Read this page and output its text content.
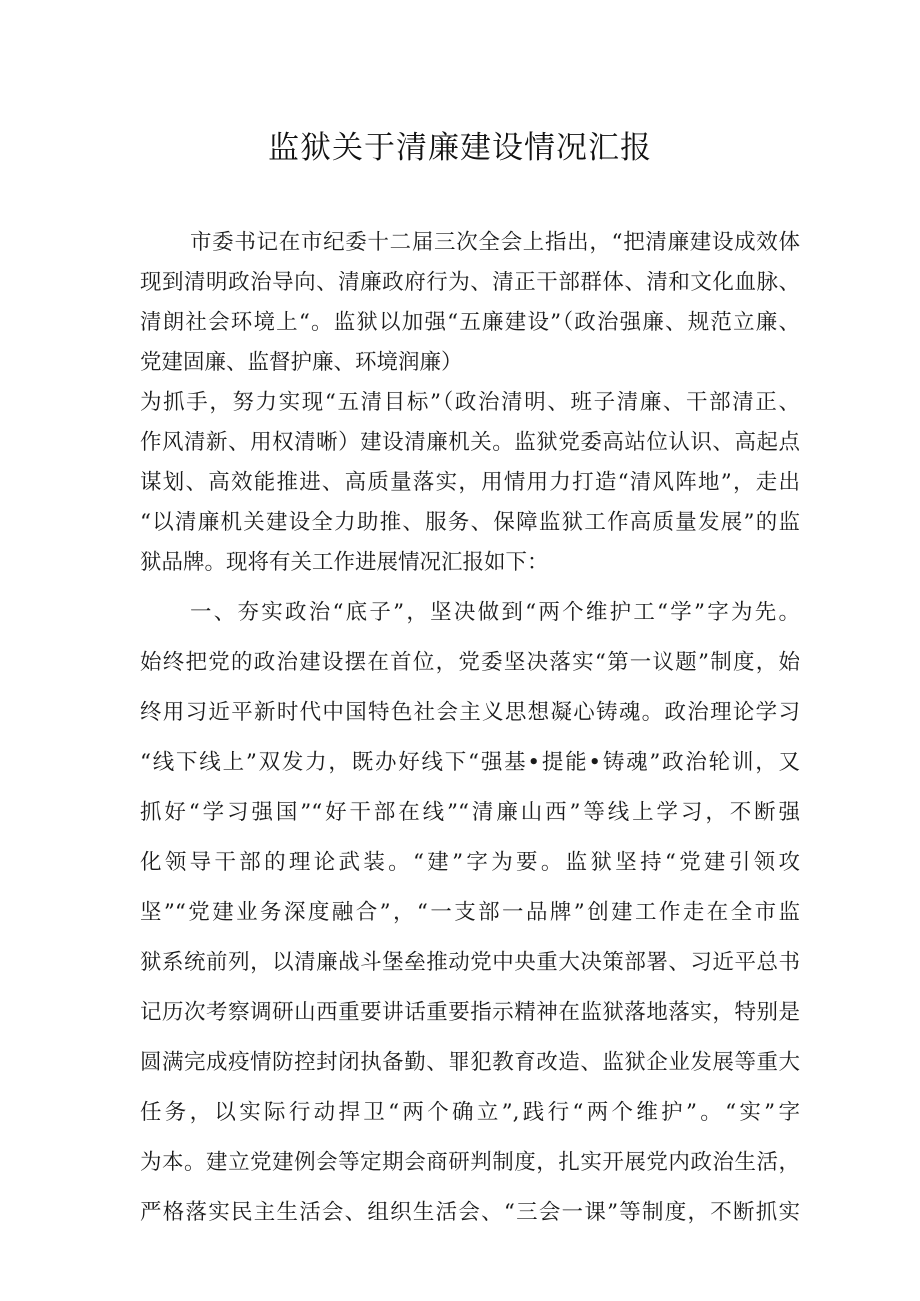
监狱关于清廉建设情况汇报
市委书记在市纪委十二届三次全会上指出，“把清廉建设成效体
现到清明政治导向、清廉政府行为、清正干部群体、清和文化血脉、
清朗社会环境上“。监狱以加强“五廉建设”（政治强廉、规范立廉、
党建固廉、监督护廉、环境润廉）
为抓手，努力实现“五清目标”（政治清明、班子清廉、干部清正、
作风清新、用权清晰）建设清廉机关。监狱党委高站位认识、高起点
谋划、高效能推进、高质量落实，用情用力打造“清风阵地”，走出
“以清廉机关建设全力助推、服务、保障监狱工作高质量发展”的监
狱品牌。现将有关工作进展情况汇报如下：
一、夯实政治“底子”，坚决做到“两个维护工“学”字为先。
始终把党的政治建设摆在首位，党委坚决落实“第一议题”制度，始
终用习近平新时代中国特色社会主义思想凝心铸魂。政治理论学习
“线下线上”双发力，既办好线下“强基•提能•铸魂”政治轮训，又
抓好“学习强国”“好干部在线”“清廉山西”等线上学习，不断强
化领导干部的理论武装。“建”字为要。监狱坚持“党建引领攻
坚”“党建业务深度融合”，“一支部一品牌”创建工作走在全市监
狱系统前列，以清廉战斗堡垒推动党中央重大决策部署、习近平总书
记历次考察调研山西重要讲话重要指示精神在监狱落地落实，特别是
圆满完成疫情防控封闭执备勤、罪犯教育改造、监狱企业发展等重大
任务，以实际行动捍卫“两个确立”,践行“两个维护”。“实”字
为本。建立党建例会等定期会商研判制度，扎实开展党内政治生活，
严格落实民主生活会、组织生活会、“三会一课”等制度，不断抓实
